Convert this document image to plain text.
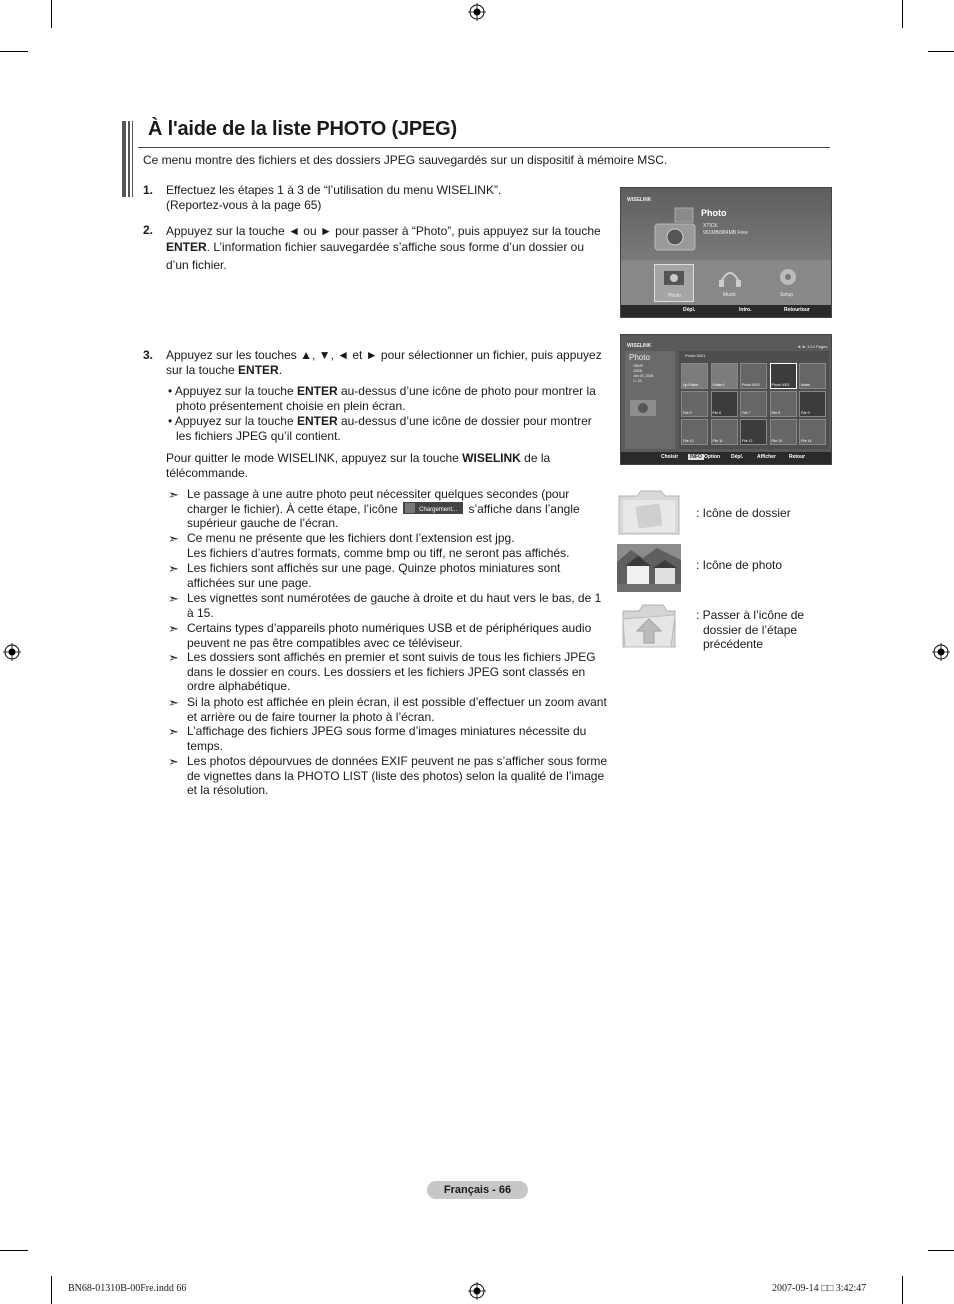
À l'aide de la liste PHOTO (JPEG)
Ce menu montre des fichiers et des dossiers JPEG sauvegardés sur un dispositif à mémoire MSC.
1. Effectuez les étapes 1 à 3 de “l’utilisation du menu WISELINK”.
(Reportez-vous à la page 65)
2. Appuyez sur la touche ◄ ou ► pour passer à “Photo”, puis appuyez sur la touche
ENTER. L’information fichier sauvegardée s’affiche sous forme d’un dossier ou
d’un fichier.
3. Appuyez sur les touches ▲, ▼, ◄ et ► pour sélectionner un fichier, puis appuyez
sur la touche ENTER.
• Appuyez sur la touche ENTER au-dessus d’une icône de photo pour montrer la
photo présentement choisie en plein écran.
• Appuyez sur la touche ENTER au-dessus d’une icône de dossier pour montrer
les fichiers JPEG qu’il contient.
Pour quitter le mode WISELINK, appuyez sur la touche WISELINK de la
télécommande.
➣ Le passage à une autre photo peut nécessiter quelques secondes (pour
charger le fichier). À cette étape, l’icône	Chargement... s’affiche dans l’angle
supérieur gauche de l’écran.
➣ Ce menu ne présente que les fichiers dont l’extension est jpg.
Les fichiers d’autres formats, comme bmp ou tiff, ne seront pas affichés.
➣ Les fichiers sont affichés sur une page. Quinze photos miniatures sont
affichées sur une page.
➣ Les vignettes sont numérotées de gauche à droite et du haut vers le bas, de 1
à 15.
➣ Certains types d’appareils photo numériques USB et de périphériques audio
peuvent ne pas être compatibles avec ce téléviseur.
➣ Les dossiers sont affichés en premier et sont suivis de tous les fichiers JPEG
dans le dossier en cours. Les dossiers et les fichiers JPEG sont classés en
ordre alphabétique.
➣ Si la photo est affichée en plein écran, il est possible d’effectuer un zoom avant
et arrière ou de faire tourner la photo à l’écran.
➣ L’affichage des fichiers JPEG sous forme d’images miniatures nécessite du
temps.
➣ Les photos dépourvues de données EXIF peuvent ne pas s’afficher sous forme
de vignettes dans la PHOTO LIST (liste des photos) selon la qualité de l’image
et la résolution.
WISELINK
Photo
XTICK
961MB/984MB Free
Photo	Music	Setup
Dépl.	Intro.	Retourtour
WISELINK	◄ ► 1/12 Pages
Photo
1864P
1Ø0B
Jan 29, 2008
1 / 20
Photo 0001
Up Folder	Folder1	Photo 0001	Photo 0002	Notes
File 5	File 6	File 7	File 8	File 9
File 10	File 11	File 12	File 13	File 14
Choisir	INFO Option Dépl.	Afficher	Retour
: Icône de dossier
: Icône de photo
: Passer à l’icône de
dossier de l’étape
précédente
Français - 66
BN68-01310B-00Fre.indd 66	2007-09-14 □□ 3:42:47
